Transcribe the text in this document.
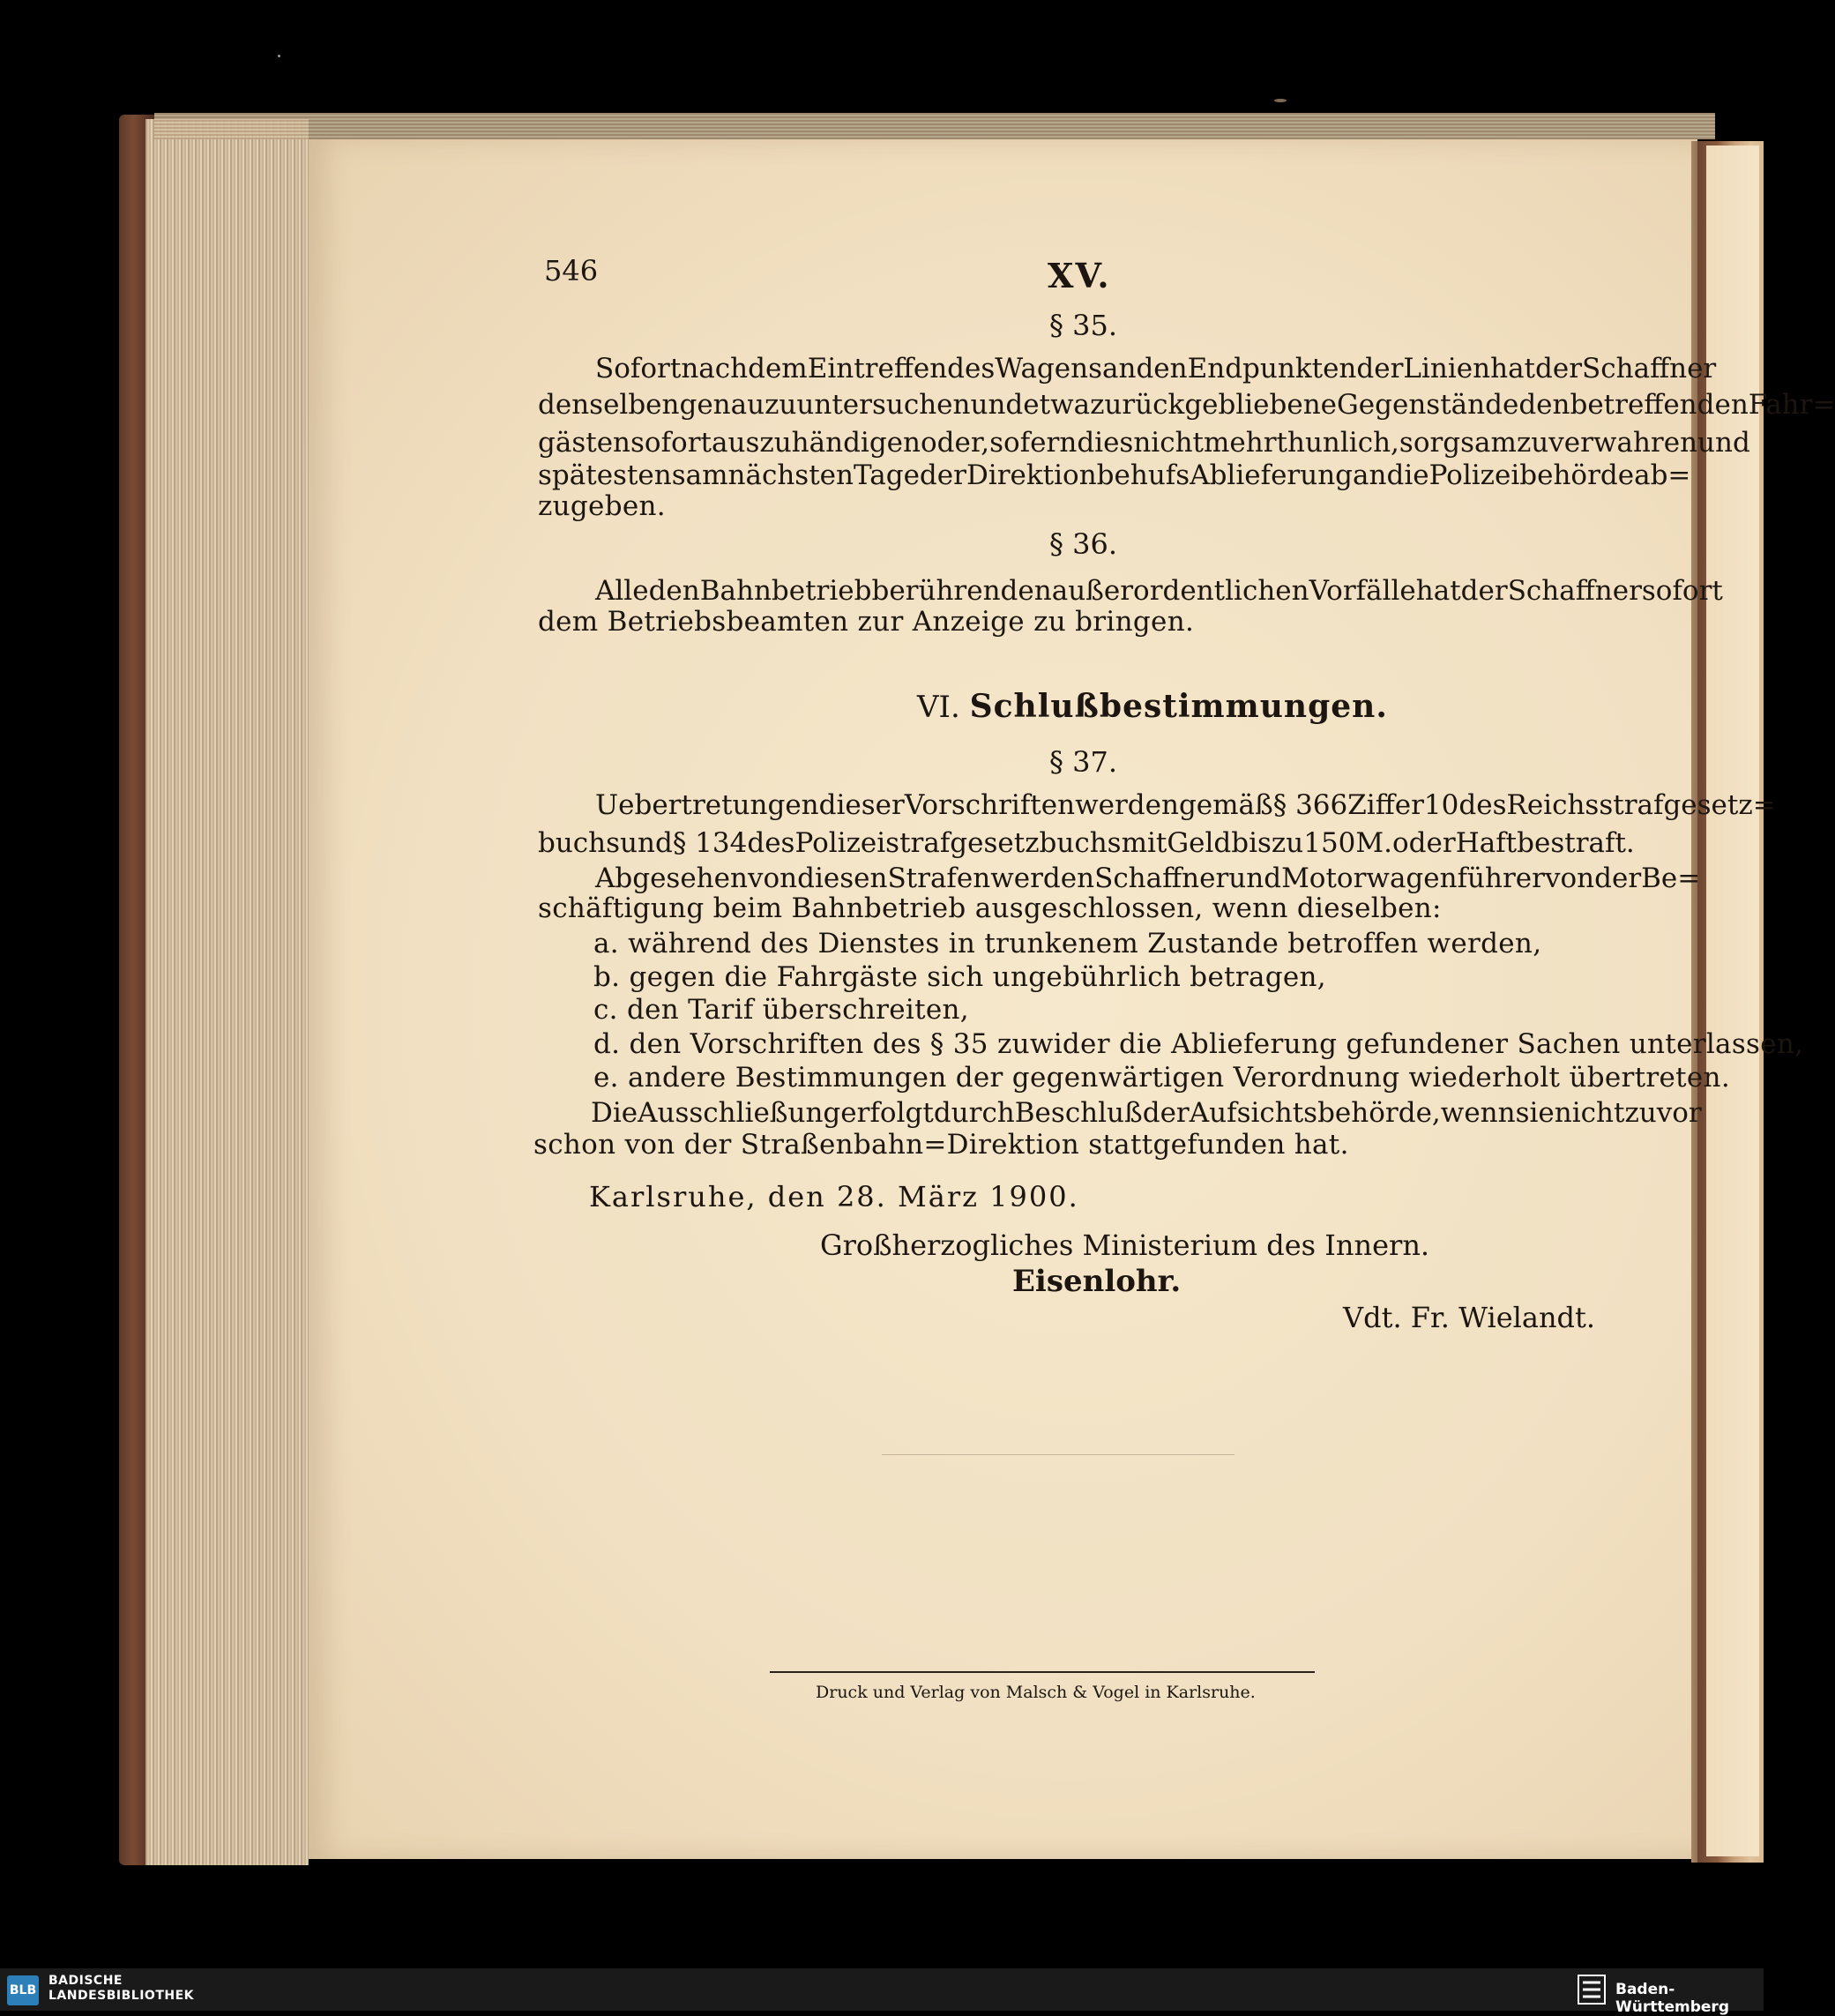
546	XV.
§ 35.
Sofort nach dem Eintreffen des Wagens an den Endpunkten der Linien hat der Schaffner
denselben genau zu untersuchen und etwa zurückgebliebene Gegenstände den betreffenden Fahr=
gästen sofort auszuhändigen oder, sofern dies nicht mehr thunlich, sorgsam zu verwahren und
spätestens am nächsten Tage der Direktion behufs Ablieferung an die Polizeibehörde ab=
zugeben.
§ 36.
Alle den Bahnbetrieb berührenden außerordentlichen Vorfälle hat der Schaffner sofort
dem Betriebsbeamten zur Anzeige zu bringen.
VI. Schlußbestimmungen.
§ 37.
Uebertretungen dieser Vorschriften werden gemäß § 366 Ziffer 10 des Reichsstrafgesetz=
buchs und § 134 des Polizeistrafgesetzbuchs mit Geld bis zu 150 M. oder Haft bestraft.
Abgesehen von diesen Strafen werden Schaffner und Motorwagenführer von der Be=
schäftigung beim Bahnbetrieb ausgeschlossen, wenn dieselben:
a. während des Dienstes in trunkenem Zustande betroffen werden,
b. gegen die Fahrgäste sich ungebührlich betragen,
c. den Tarif überschreiten,
d. den Vorschriften des § 35 zuwider die Ablieferung gefundener Sachen unterlassen,
e. andere Bestimmungen der gegenwärtigen Verordnung wiederholt übertreten.
Die Ausschließung erfolgt durch Beschluß der Aufsichtsbehörde, wenn sie nicht zuvor
schon von der Straßenbahn=Direktion stattgefunden hat.
Karlsruhe, den 28. März 1900.
Großherzogliches Ministerium des Innern.
Eisenlohr.
Vdt. Fr. Wielandt.
Druck und Verlag von Malsch & Vogel in Karlsruhe.
BLB
BADISCHE
LANDESBIBLIOTHEK	Baden-Württemberg
